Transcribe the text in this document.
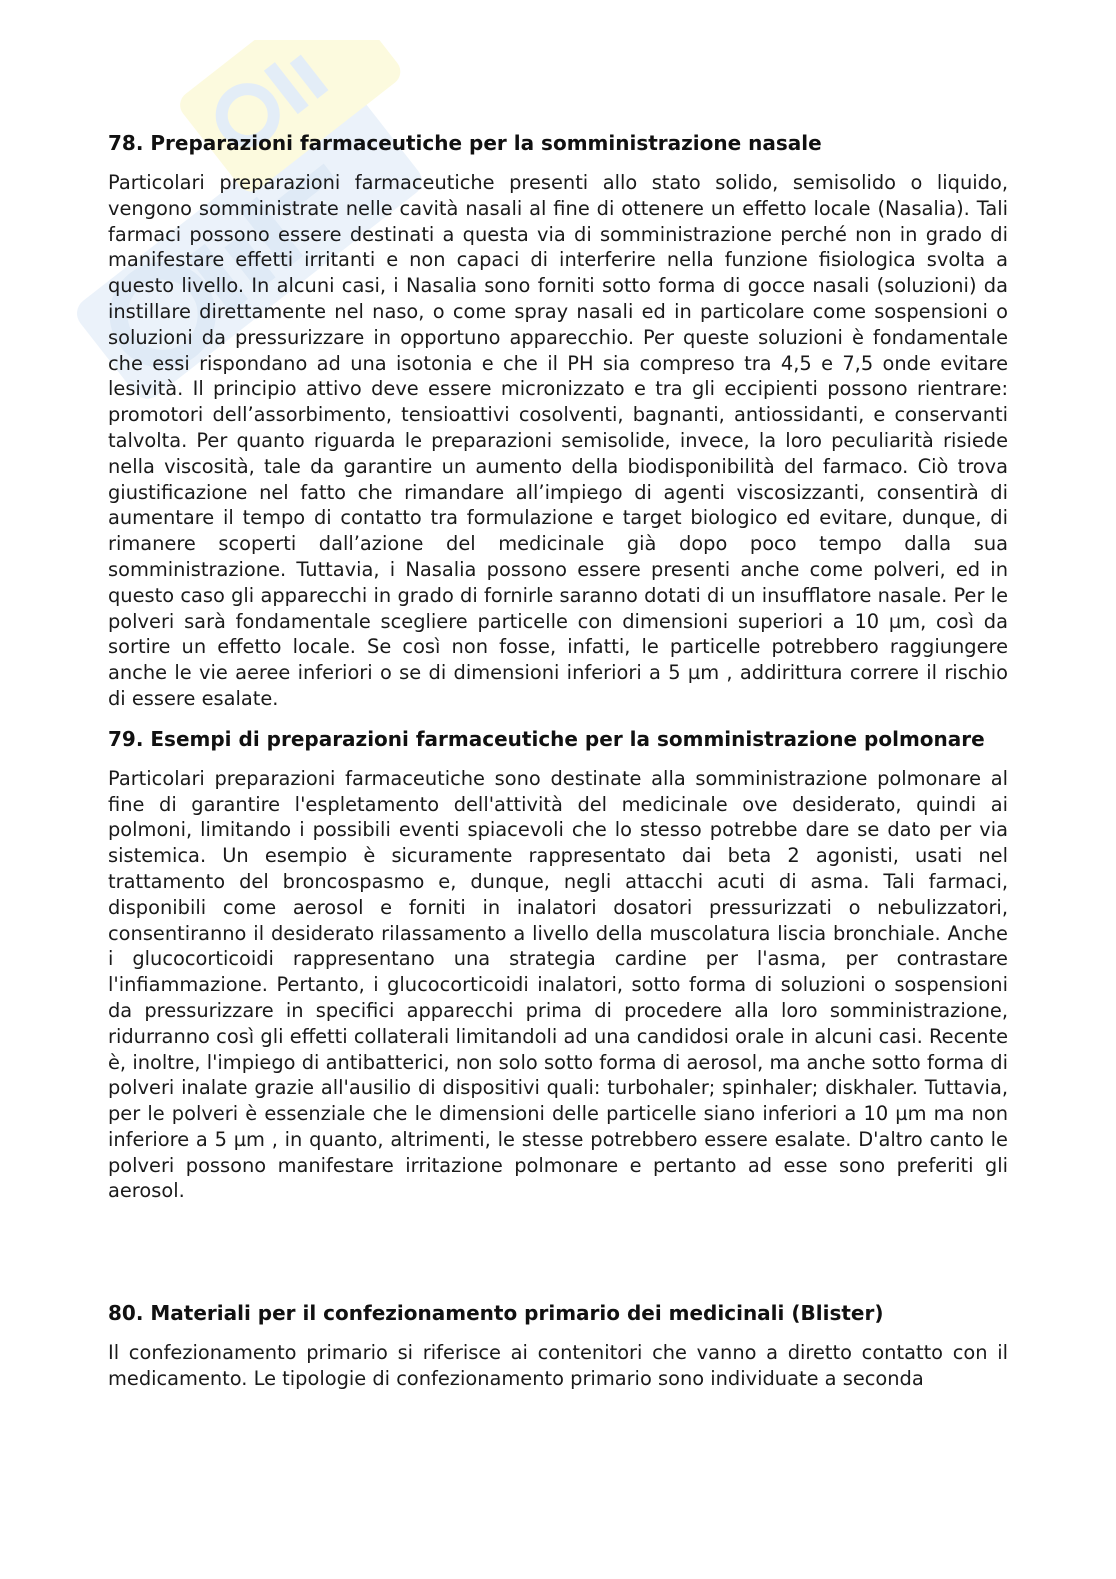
78. Preparazioni farmaceutiche per la somministrazione nasale

Particolari preparazioni farmaceutiche presenti allo stato solido, semisolido o liquido, vengono somministrate nelle cavità nasali al fine di ottenere un effetto locale (Nasalia). Tali farmaci possono essere destinati a questa via di somministrazione perché non in grado di manifestare effetti irritanti e non capaci di interferire nella funzione fisiologica svolta a questo livello. In alcuni casi, i Nasalia sono forniti sotto forma di gocce nasali (soluzioni) da instillare direttamente nel naso, o come spray nasali ed in particolare come sospensioni o soluzioni da pressurizzare in opportuno apparecchio. Per queste soluzioni è fondamentale che essi rispondano ad una isotonia e che il PH sia compreso tra 4,5 e 7,5 onde evitare lesività. Il principio attivo deve essere micronizzato e tra gli eccipienti possono rientrare: promotori dell’assorbimento, tensioattivi cosolventi, bagnanti, antiossidanti, e conservanti talvolta. Per quanto riguarda le preparazioni semisolide, invece, la loro peculiarità risiede nella viscosità, tale da garantire un aumento della biodisponibilità del farmaco. Ciò trova giustificazione nel fatto che rimandare all’impiego di agenti viscosizzanti, consentirà di aumentare il tempo di contatto tra formulazione e target biologico ed evitare, dunque, di rimanere scoperti dall’azione del medicinale già dopo poco tempo dalla sua somministrazione. Tuttavia, i Nasalia possono essere presenti anche come polveri, ed in questo caso gli apparecchi in grado di fornirle saranno dotati di un insufflatore nasale. Per le polveri sarà fondamentale scegliere particelle con dimensioni superiori a 10 µm, così da sortire un effetto locale. Se così non fosse, infatti, le particelle potrebbero raggiungere anche le vie aeree inferiori o se di dimensioni inferiori a 5 µm , addirittura correre il rischio di essere esalate.

79. Esempi di preparazioni farmaceutiche per la somministrazione polmonare

Particolari preparazioni farmaceutiche sono destinate alla somministrazione polmonare al fine di garantire l'espletamento dell'attività del medicinale ove desiderato, quindi ai polmoni, limitando i possibili eventi spiacevoli che lo stesso potrebbe dare se dato per via sistemica. Un esempio è sicuramente rappresentato dai beta 2 agonisti, usati nel trattamento del broncospasmo e, dunque, negli attacchi acuti di asma. Tali farmaci, disponibili come aerosol e forniti in inalatori dosatori pressurizzati o nebulizzatori, consentiranno il desiderato rilassamento a livello della muscolatura liscia bronchiale. Anche i glucocorticoidi rappresentano una strategia cardine per l'asma, per contrastare l'infiammazione. Pertanto, i glucocorticoidi inalatori, sotto forma di soluzioni o sospensioni da pressurizzare in specifici apparecchi prima di procedere alla loro somministrazione, ridurranno così gli effetti collaterali limitandoli ad una candidosi orale in alcuni casi. Recente è, inoltre, l'impiego di antibatterici, non solo sotto forma di aerosol, ma anche sotto forma di polveri inalate grazie all'ausilio di dispositivi quali: turbohaler; spinhaler; diskhaler. Tuttavia, per le polveri è essenziale che le dimensioni delle particelle siano inferiori a 10 µm ma non inferiore a 5 µm , in quanto, altrimenti, le stesse potrebbero essere esalate. D'altro canto le polveri possono manifestare irritazione polmonare e pertanto ad esse sono preferiti gli aerosol.

80. Materiali per il confezionamento primario dei medicinali (Blister)

Il confezionamento primario si riferisce ai contenitori che vanno a diretto contatto con il medicamento. Le tipologie di confezionamento primario sono individuate a seconda
